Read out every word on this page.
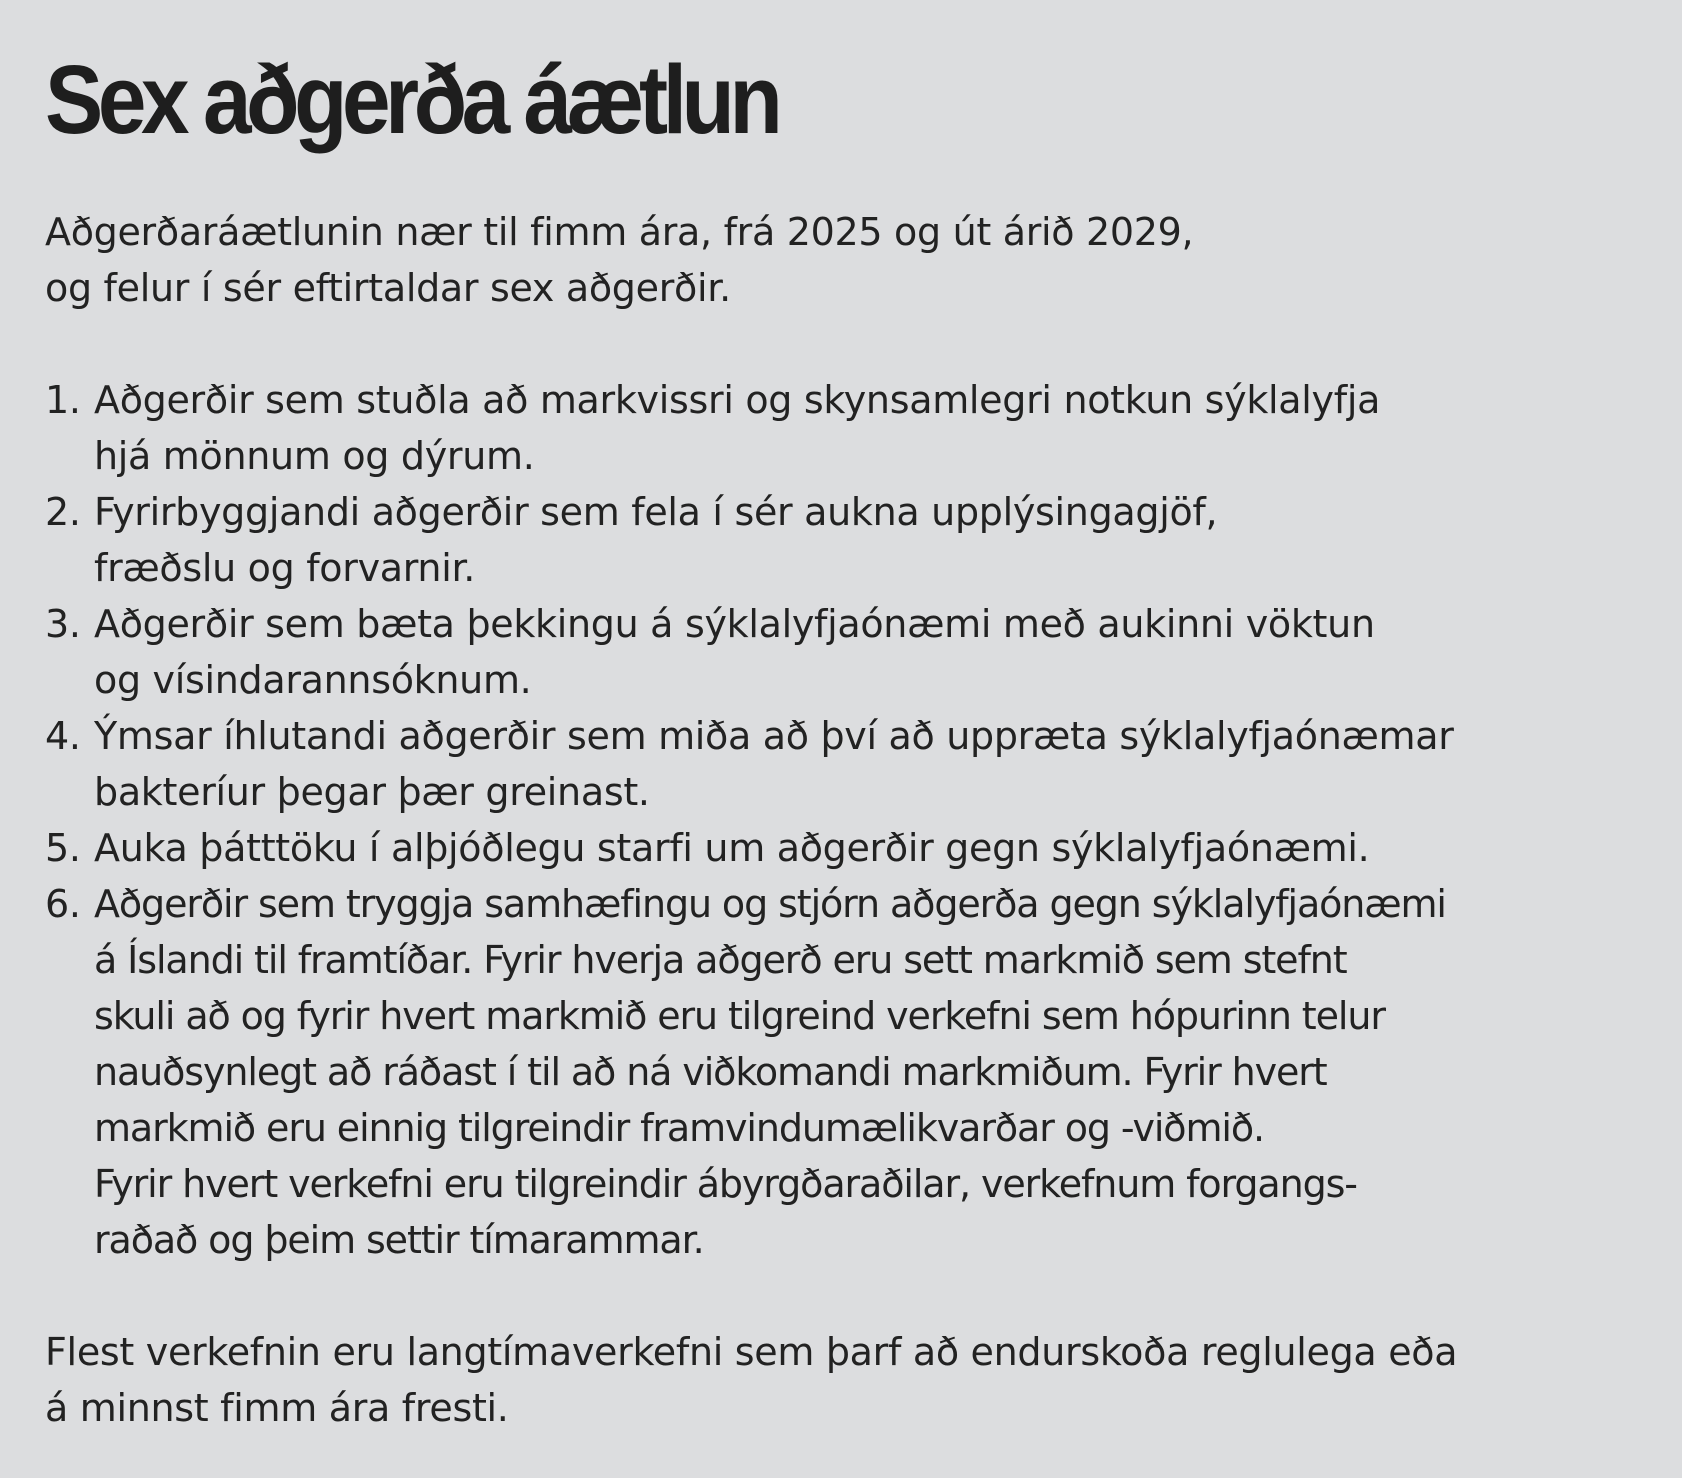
Sex aðgerða áætlun

Aðgerðaráætlunin nær til fimm ára, frá 2025 og út árið 2029,
og felur í sér eftirtaldar sex aðgerðir.

1. Aðgerðir sem stuðla að markvissri og skynsamlegri notkun sýklalyfja
hjá mönnum og dýrum.
2. Fyrirbyggjandi aðgerðir sem fela í sér aukna upplýsingagjöf,
fræðslu og forvarnir.
3. Aðgerðir sem bæta þekkingu á sýklalyfjaónæmi með aukinni vöktun
og vísindarannsóknum.
4. Ýmsar íhlutandi aðgerðir sem miða að því að uppræta sýklalyfjaónæmar
bakteríur þegar þær greinast.
5. Auka þátttöku í alþjóðlegu starfi um aðgerðir gegn sýklalyfjaónæmi.
6. Aðgerðir sem tryggja samhæfingu og stjórn aðgerða gegn sýklalyfjaónæmi
á Íslandi til framtíðar. Fyrir hverja aðgerð eru sett markmið sem stefnt
skuli að og fyrir hvert markmið eru tilgreind verkefni sem hópurinn telur
nauðsynlegt að ráðast í til að ná viðkomandi markmiðum. Fyrir hvert
markmið eru einnig tilgreindir framvindumælikvarðar og -viðmið.
Fyrir hvert verkefni eru tilgreindir ábyrgðaraðilar, verkefnum forgangs-
raðað og þeim settir tímarammar.

Flest verkefnin eru langtímaverkefni sem þarf að endurskoða reglulega eða
á minnst fimm ára fresti.
